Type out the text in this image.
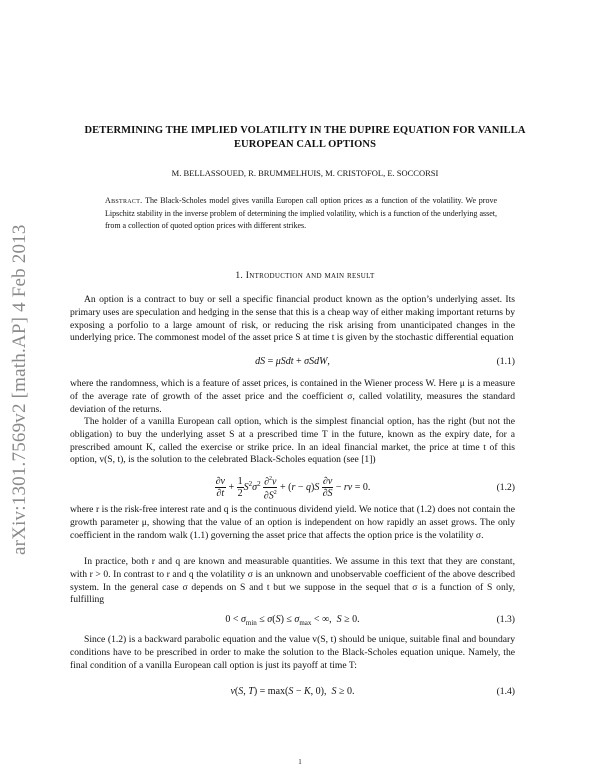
arXiv:1301.7569v2 [math.AP] 4 Feb 2013
DETERMINING THE IMPLIED VOLATILITY IN THE DUPIRE EQUATION FOR VANILLA EUROPEAN CALL OPTIONS
M. BELLASSOUED, R. BRUMMELHUIS, M. CRISTOFOL, E. SOCCORSI
Abstract. The Black-Scholes model gives vanilla Europen call option prices as a function of the volatility. We prove Lipschitz stability in the inverse problem of determining the implied volatility, which is a function of the underlying asset, from a collection of quoted option prices with different strikes.
1. Introduction and main result

An option is a contract to buy or sell a specific financial product known as the option’s underlying asset. Its primary uses are speculation and hedging in the sense that this is a cheap way of either making important returns by exposing a porfolio to a large amount of risk, or reducing the risk arising from unanticipated changes in the underlying price. The commonest model of the asset price S at time t is given by the stochastic differential equation

dS = μSdt + σSdW,	(1.1)

where the randomness, which is a feature of asset prices, is contained in the Wiener process W. Here μ is a measure of the average rate of growth of the asset price and the coefficient σ, called volatility, measures the standard deviation of the returns.

The holder of a vanilla European call option, which is the simplest financial option, has the right (but not the obligation) to buy the underlying asset S at a prescribed time T in the future, known as the expiry date, for a prescribed amount K, called the exercise or strike price. In an ideal financial market, the price at time t of this option, v(S, t), is the solution to the celebrated Black-Scholes equation (see [1])

$\frac{\partial v}{\partial t} + \frac{1}{2} S^2\sigma^2 \frac{\partial^2v}{\partial S^2} + (r - q)S \frac{\partial v}{\partial S}$ − rv = 0.	(1.2)

where r is the risk-free interest rate and q is the continuous dividend yield. We notice that (1.2) does not contain the growth parameter μ, showing that the value of an option is independent on how rapidly an asset grows. The only coefficient in the random walk (1.1) governing the asset price that affects the option price is the volatility σ.

In practice, both r and q are known and measurable quantities. We assume in this text that they are constant, with r > 0. In contrast to r and q the volatility σ is an unknown and unobservable coefficient of the above described system. In the general case σ depends on S and t but we suppose in the sequel that σ is a function of S only, fulfilling

$0 < \sigma_{min} \le \sigma(S) \le \sigma_{max}$ < ∞,  S ≥ 0.	(1.3)

Since (1.2) is a backward parabolic equation and the value v(S, t) should be unique, suitable final and boundary conditions have to be prescribed in order to make the solution to the Black-Scholes equation unique. Namely, the final condition of a vanilla European call option is just its payoff at time T:

v(S, T) = max(S − K, 0),  S ≥ 0.	(1.4)
1
